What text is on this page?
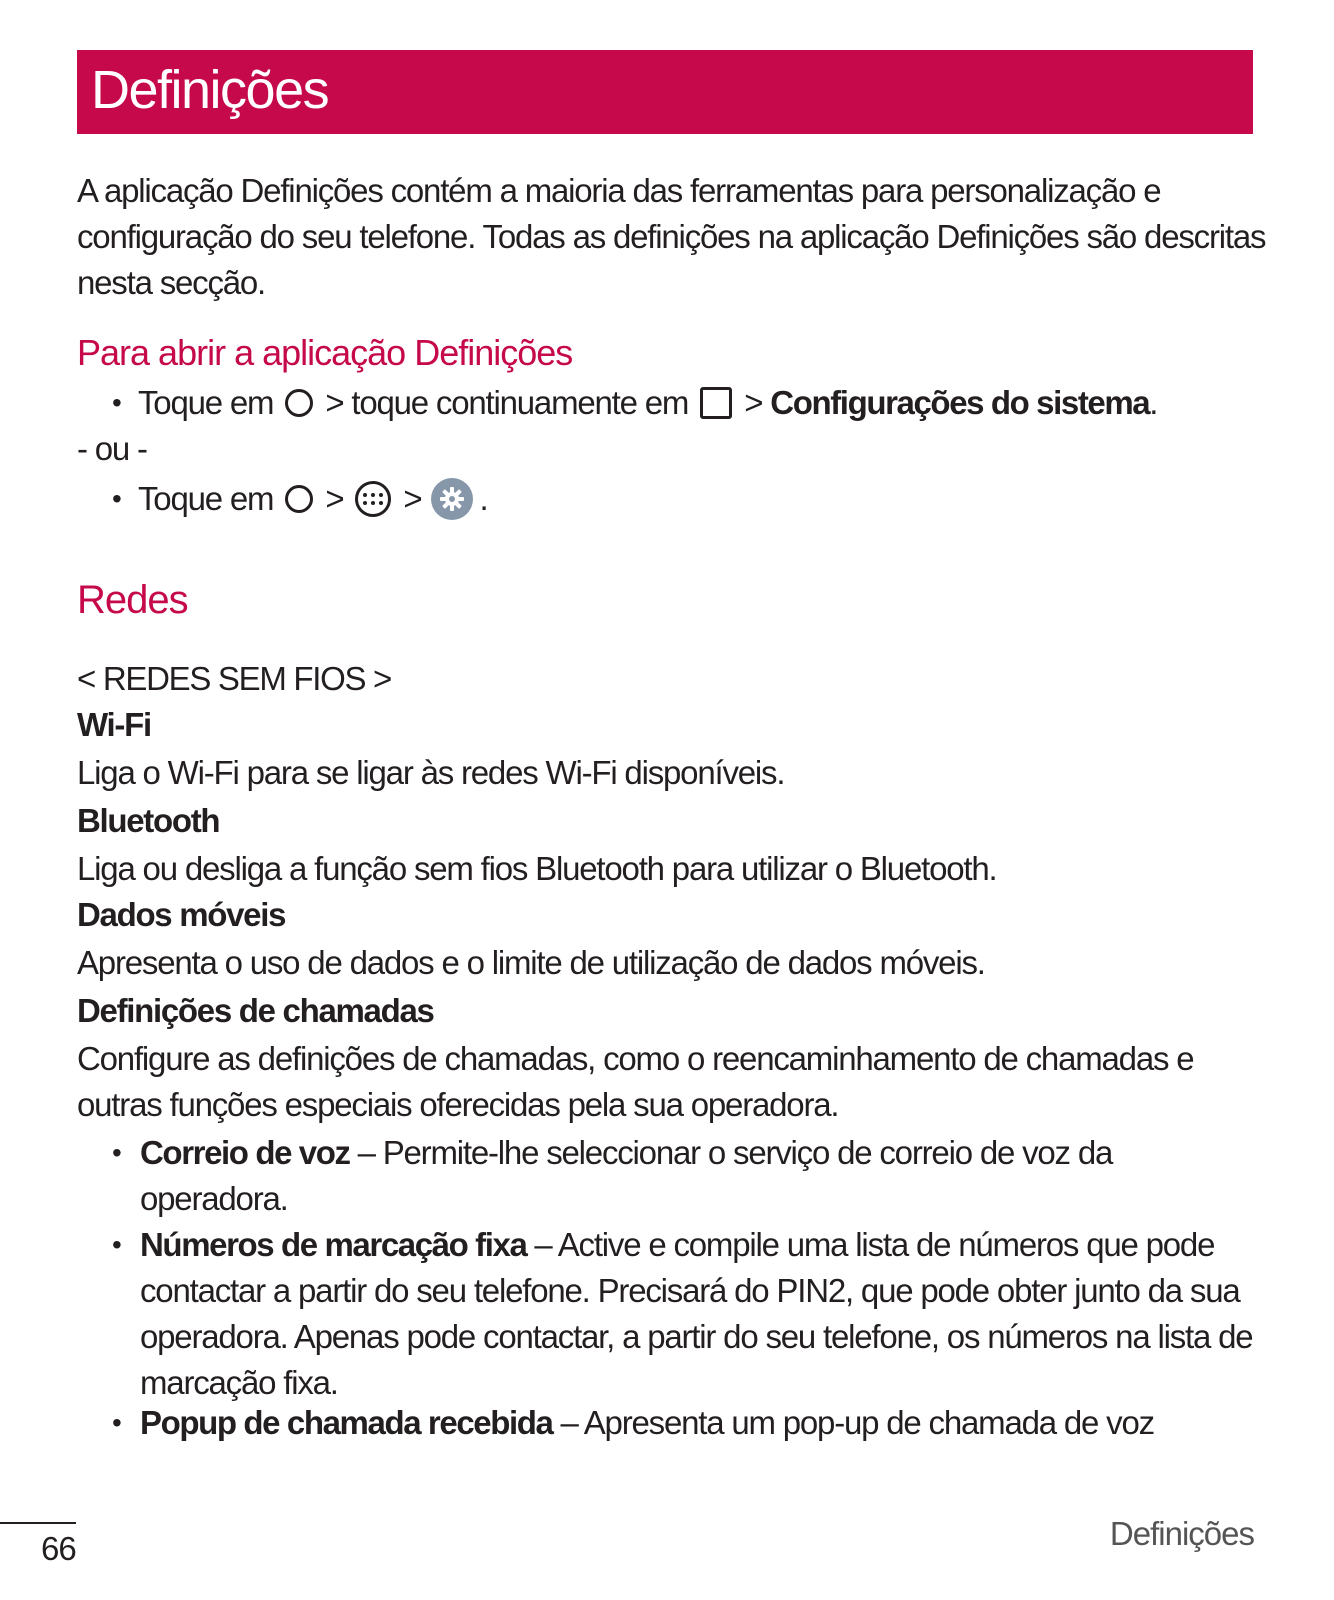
Definições

A aplicação Definições contém a maioria das ferramentas para personalização e
configuração do seu telefone. Todas as definições na aplicação Definições são descritas
nesta secção.

Para abrir a aplicação Definições
• Toque em > toque continuamente em >
Configurações do sistema .
- ou -
• Toque em > > .
Redes
< REDES SEM FIOS >
Wi-Fi
Liga o Wi-Fi para se ligar às redes Wi-Fi disponíveis.
Bluetooth
Liga ou desliga a função sem fios Bluetooth para utilizar o Bluetooth.
Dados móveis
Apresenta o uso de dados e o limite de utilização de dados móveis.
Definições de chamadas
Configure as definições de chamadas, como o reencaminhamento de chamadas e
outras funções especiais oferecidas pela sua operadora.
• Correio de voz – Permite-lhe seleccionar o serviço de correio de voz da
operadora.
• Números de marcação fixa – Active e compile uma lista de números que pode
contactar a partir do seu telefone. Precisará do PIN2, que pode obter junto da sua
operadora. Apenas pode contactar, a partir do seu telefone, os números na lista de
marcação fixa.
• Popup de chamada recebida – Apresenta um pop-up de chamada de voz
66	Definições
